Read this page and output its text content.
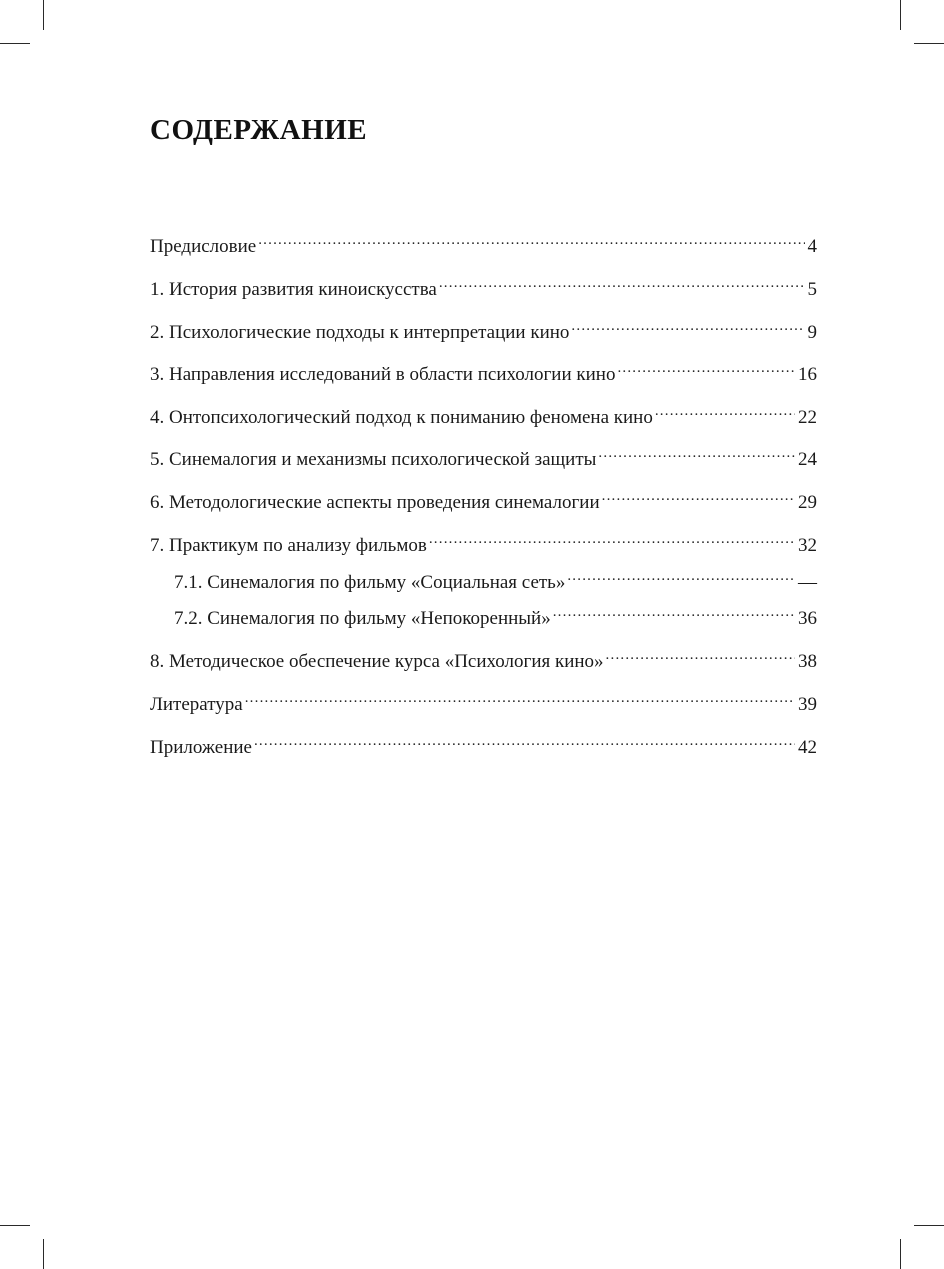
СОДЕРЖАНИЕ
Предисловие .....	4
1. История развития киноискусства .....	5
2. Психологические подходы к интерпретации кино .....	9
3. Направления исследований в области психологии кино .....	16
4. Онтопсихологический подход к пониманию феномена кино .....	22
5. Синемалогия и механизмы психологической защиты .....	24
6. Методологические аспекты проведения синемалогии .....	29
7. Практикум по анализу фильмов .....	32
7.1. Синемалогия по фильму «Социальная сеть» .....	—
7.2. Синемалогия по фильму «Непокоренный» .....	36
8. Методическое обеспечение курса «Психология кино» .....	38
Литература .....	39
Приложение .....	42
